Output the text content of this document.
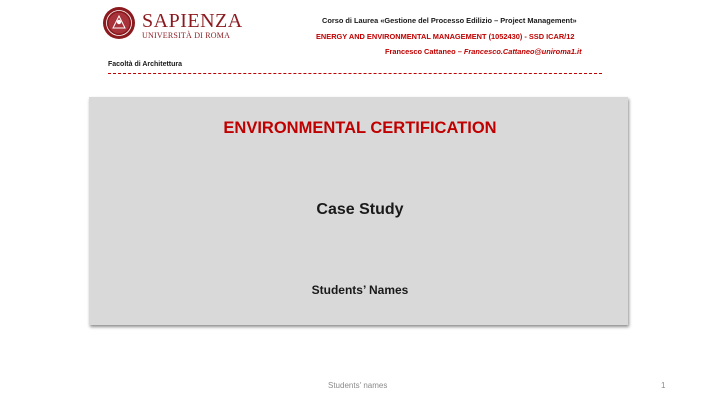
SAPIENZA
UNIVERSITÀ DI ROMA
Corso di Laurea «Gestione del Processo Edilizio – Project Management»
ENERGY AND ENVIRONMENTAL MANAGEMENT (1052430) - SSD ICAR/12
Francesco Cattaneo – Francesco.Cattaneo@uniroma1.it
Facoltà di Architettura
ENVIRONMENTAL CERTIFICATION
Case Study
Students’ Names
Students' names	1
